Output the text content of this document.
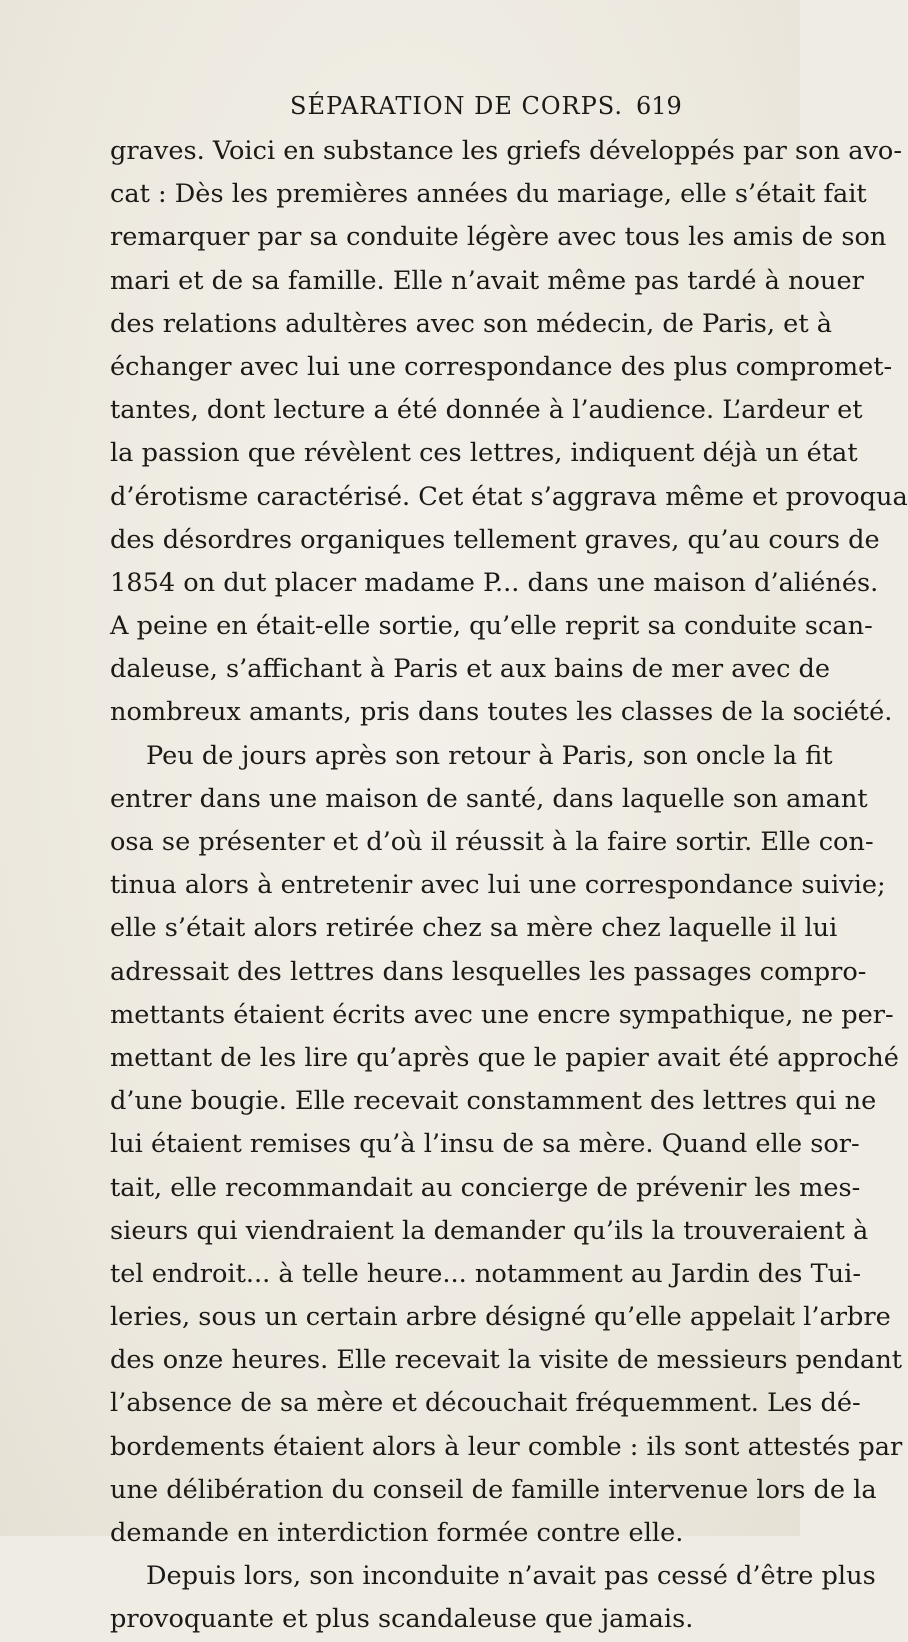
SÉPARATION DE CORPS. 619
graves. Voici en substance les griefs développés par son avo-
cat : Dès les premières années du mariage, elle s’était fait
remarquer par sa conduite légère avec tous les amis de son
mari et de sa famille. Elle n’avait même pas tardé à nouer
des relations adultères avec son médecin, de Paris, et à
échanger avec lui une correspondance des plus compromet-
tantes, dont lecture a été donnée à l’audience. L’ardeur et
la passion que révèlent ces lettres, indiquent déjà un état
d’érotisme caractérisé. Cet état s’aggrava même et provoqua
des désordres organiques tellement graves, qu’au cours de
1854 on dut placer madame P... dans une maison d’aliénés.
A peine en était-elle sortie, qu’elle reprit sa conduite scan-
daleuse, s’affichant à Paris et aux bains de mer avec de
nombreux amants, pris dans toutes les classes de la société.
Peu de jours après son retour à Paris, son oncle la fit
entrer dans une maison de santé, dans laquelle son amant
osa se présenter et d’où il réussit à la faire sortir. Elle con-
tinua alors à entretenir avec lui une correspondance suivie;
elle s’était alors retirée chez sa mère chez laquelle il lui
adressait des lettres dans lesquelles les passages compro-
mettants étaient écrits avec une encre sympathique, ne per-
mettant de les lire qu’après que le papier avait été approché
d’une bougie. Elle recevait constamment des lettres qui ne
lui étaient remises qu’à l’insu de sa mère. Quand elle sor-
tait, elle recommandait au concierge de prévenir les mes-
sieurs qui viendraient la demander qu’ils la trouveraient à
tel endroit... à telle heure... notamment au Jardin des Tui-
leries, sous un certain arbre désigné qu’elle appelait l’arbre
des onze heures. Elle recevait la visite de messieurs pendant
l’absence de sa mère et découchait fréquemment. Les dé-
bordements étaient alors à leur comble : ils sont attestés par
une délibération du conseil de famille intervenue lors de la
demande en interdiction formée contre elle.
Depuis lors, son inconduite n’avait pas cessé d’être plus
provoquante et plus scandaleuse que jamais.
